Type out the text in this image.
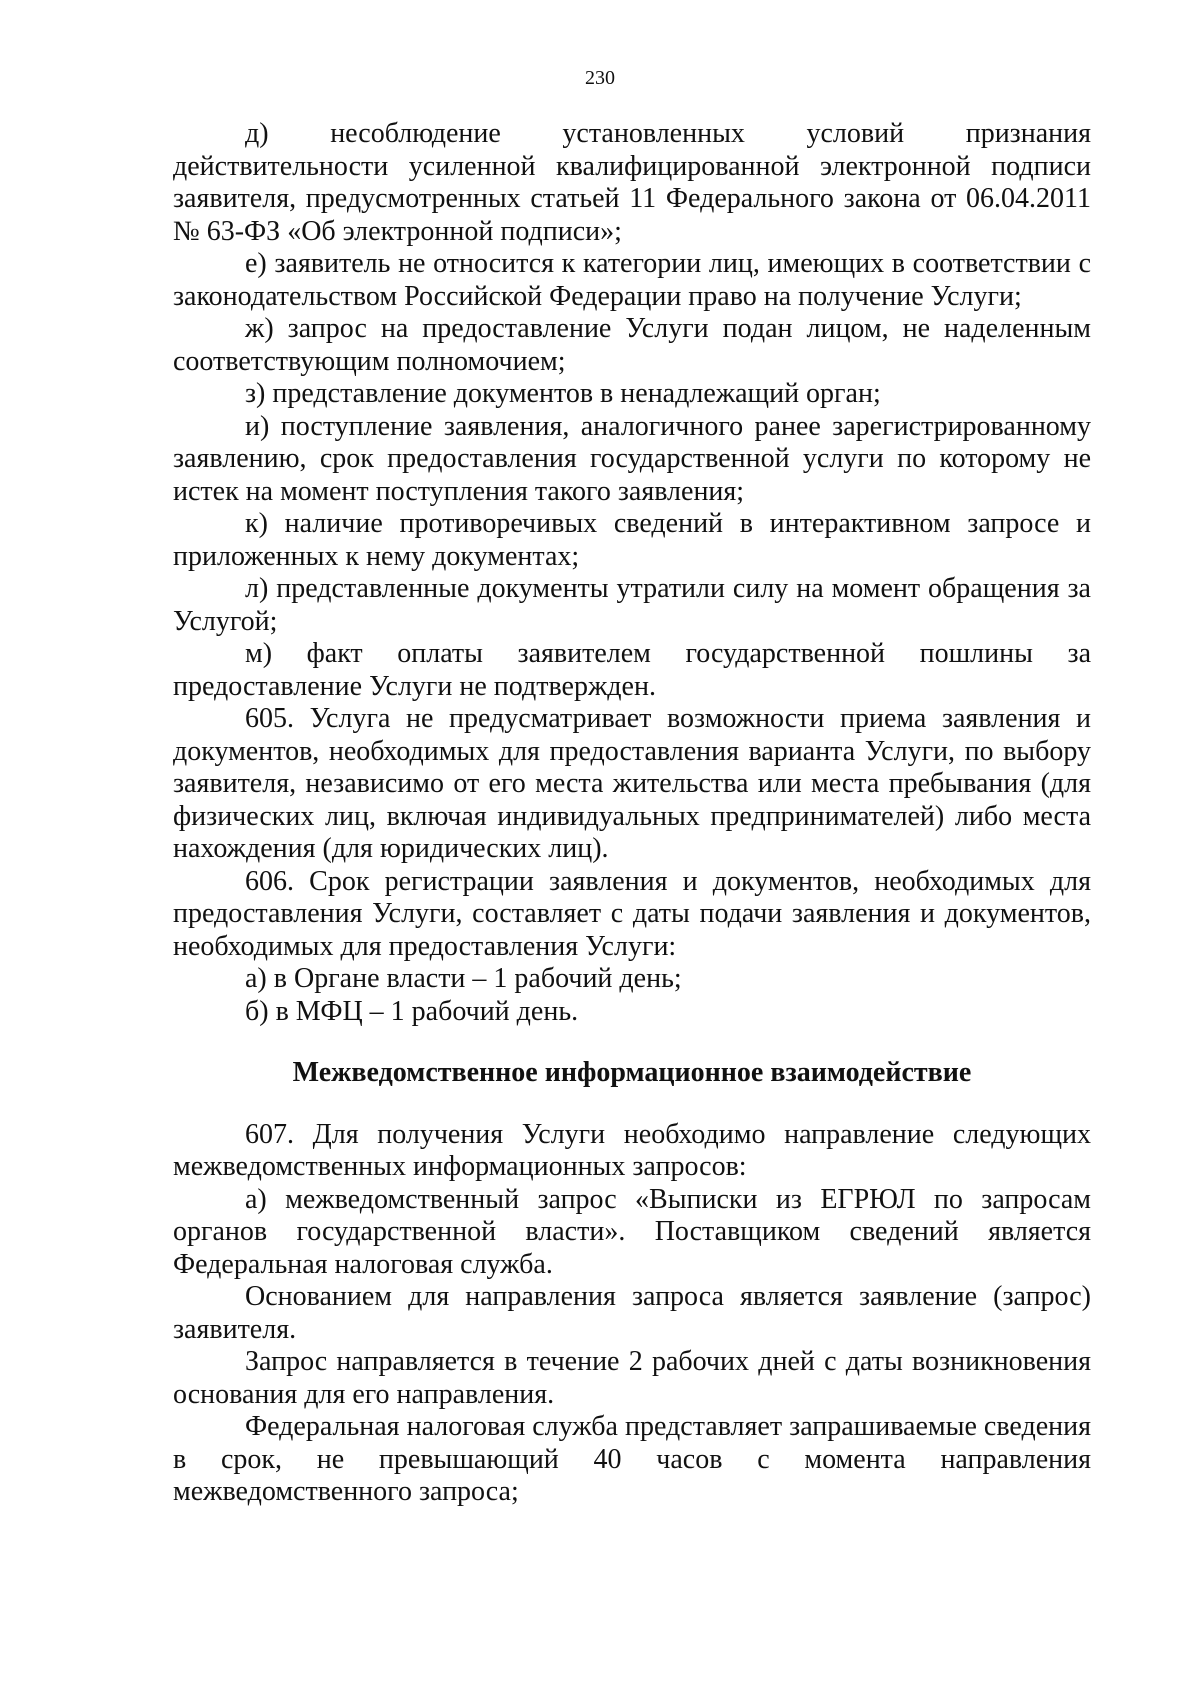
230

д) несоблюдение установленных условий признания действительности усиленной квалифицированной электронной подписи заявителя, предусмотренных статьей 11 Федерального закона от 06.04.2011 № 63-ФЗ «Об электронной подписи»;

е) заявитель не относится к категории лиц, имеющих в соответствии с законодательством Российской Федерации право на получение Услуги;

ж) запрос на предоставление Услуги подан лицом, не наделенным соответствующим полномочием;

з) представление документов в ненадлежащий орган;

и) поступление заявления, аналогичного ранее зарегистрированному заявлению, срок предоставления государственной услуги по которому не истек на момент поступления такого заявления;

к) наличие противоречивых сведений в интерактивном запросе и приложенных к нему документах;

л) представленные документы утратили силу на момент обращения за Услугой;

м) факт оплаты заявителем государственной пошлины за предоставление Услуги не подтвержден.

605. Услуга не предусматривает возможности приема заявления и документов, необходимых для предоставления варианта Услуги, по выбору заявителя, независимо от его места жительства или места пребывания (для физических лиц, включая индивидуальных предпринимателей) либо места нахождения (для юридических лиц).

606. Срок регистрации заявления и документов, необходимых для предоставления Услуги, составляет с даты подачи заявления и документов, необходимых для предоставления Услуги:

а) в Органе власти – 1 рабочий день;

б) в МФЦ – 1 рабочий день.

Межведомственное информационное взаимодействие

607. Для получения Услуги необходимо направление следующих межведомственных информационных запросов:

а) межведомственный запрос «Выписки из ЕГРЮЛ по запросам органов государственной власти». Поставщиком сведений является Федеральная налоговая служба.

Основанием для направления запроса является заявление (запрос) заявителя.

Запрос направляется в течение 2 рабочих дней с даты возникновения основания для его направления.

Федеральная налоговая служба представляет запрашиваемые сведения в срок, не превышающий 40 часов с момента направления межведомственного запроса;
